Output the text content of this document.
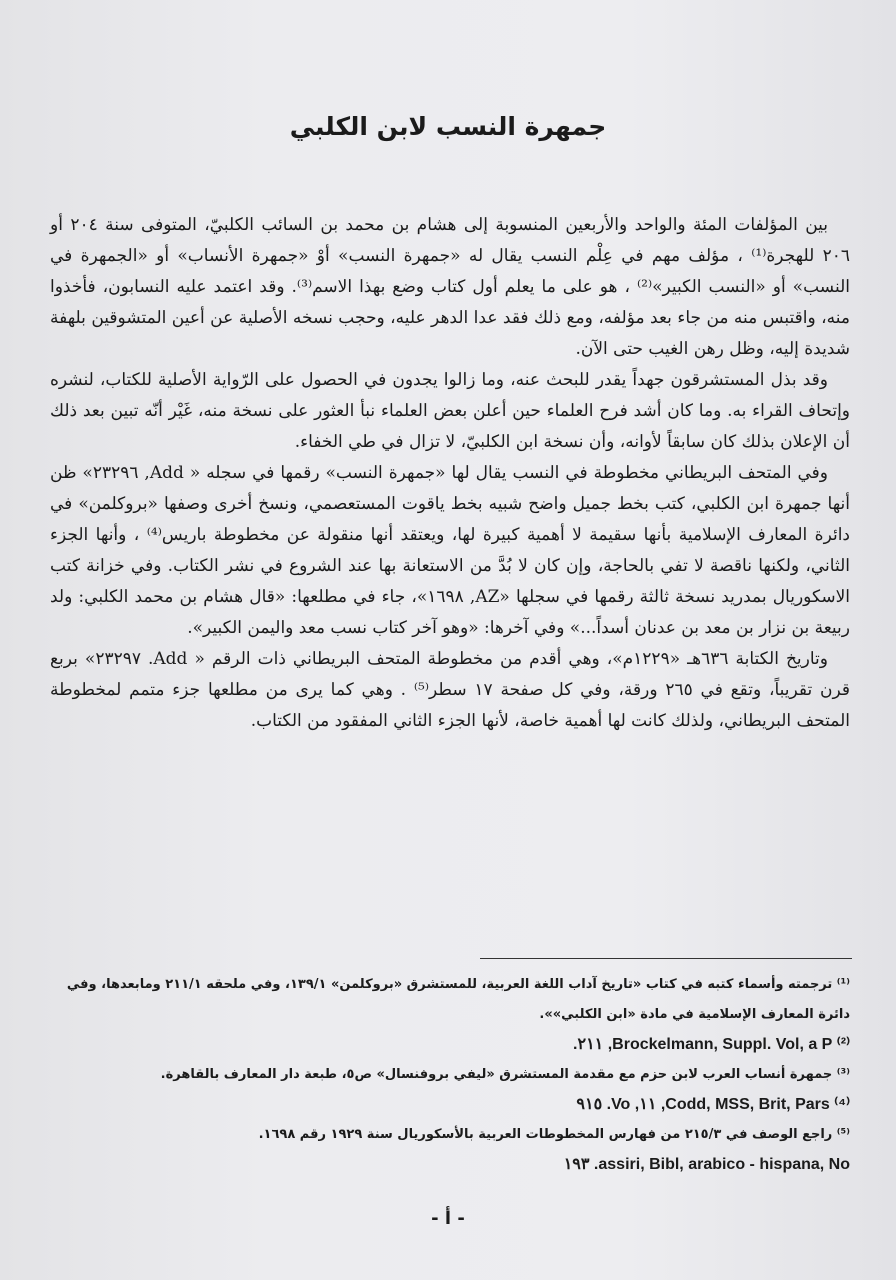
جمهرة النسب لابن الكلبي

بين المؤلفات المئة والواحد والأربعين المنسوبة إلى هشام بن محمد بن السائب الكلبيّ، المتوفى سنة ٢٠٤ أو ٢٠٦ للهجرة⁽¹⁾ ، مؤلف مهم في عِلْم النسب يقال له «جمهرة النسب» أوْ «جمهرة الأنساب» أو «الجمهرة في النسب» أو «النسب الكبير»⁽²⁾ ، هو على ما يعلم أول كتاب وضع بهذا الاسم⁽³⁾. وقد اعتمد عليه النسابون، فأخذوا منه، واقتبس منه من جاء بعد مؤلفه، ومع ذلك فقد عدا الدهر عليه، وحجب نسخه الأصلية عن أعين المتشوقين بلهفة شديدة إليه، وظل رهن الغيب حتى الآن.

وقد بذل المستشرقون جهداً يقدر للبحث عنه، وما زالوا يجدون في الحصول على الرّواية الأصلية للكتاب، لنشره وإتحاف القراء به. وما كان أشد فرح العلماء حين أعلن بعض العلماء نبأ العثور على نسخة منه، غَيْر أنّه تبين بعد ذلك أن الإعلان بذلك كان سابقاً لأوانه، وأن نسخة ابن الكلبيّ، لا تزال في طي الخفاء.

وفي المتحف البريطاني مخطوطة في النسب يقال لها «جمهرة النسب» رقمها في سجله « Add, ٢٣٢٩٦» ظن أنها جمهرة ابن الكلبي، كتب بخط جميل واضح شبيه بخط ياقوت المستعصمي، ونسخ أخرى وصفها «بروكلمن» في دائرة المعارف الإسلامية بأنها سقيمة لا أهمية كبيرة لها، ويعتقد أنها منقولة عن مخطوطة باريس⁽⁴⁾ ، وأنها الجزء الثاني، ولكنها ناقصة لا تفي بالحاجة، وإن كان لا بُدَّ من الاستعانة بها عند الشروع في نشر الكتاب. وفي خزانة كتب الاسكوريال بمدريد نسخة ثالثة رقمها في سجلها «AZ, ١٦٩٨»، جاء في مطلعها: «قال هشام بن محمد الكلبي: ولد ربيعة بن نزار بن معد بن عدنان أسداً...» وفي آخرها: «وهو آخر كتاب نسب معد واليمن الكبير».

وتاريخ الكتابة ٦٣٦هـ «١٢٢٩م»، وهي أقدم من مخطوطة المتحف البريطاني ذات الرقم « Add. ٢٣٢٩٧» بربع قرن تقريباً، وتقع في ٢٦٥ ورقة، وفي كل صفحة ١٧ سطر⁽⁵⁾ . وهي كما يرى من مطلعها جزء متمم لمخطوطة المتحف البريطاني، ولذلك كانت لها أهمية خاصة، لأنها الجزء الثاني المفقود من الكتاب.

⁽¹⁾ ترجمته وأسماء كتبه في كتاب «تاريخ آداب اللغة العربية، للمستشرق «بروكلمن» ١٣٩/١، وفي ملحقه ٢١١/١ ومابعدها، وفي دائرة المعارف الإسلامية في مادة «ابن الكلبي»».
⁽²⁾ Brockelmann, Suppl. Vol, a P, ٢١١.
⁽³⁾ جمهرة أنساب العرب لابن حزم مع مقدمة المستشرق «ليفي بروفنسال» ص٥، طبعة دار المعارف بالقاهرة.
⁽⁴⁾ Codd, MSS, Brit, Pars, ١١, Vo. ٩١٥
⁽⁵⁾ راجع الوصف في ٢١٥/٣ من فهارس المخطوطات العربية بالأسكوريال سنة ١٩٢٩ رقم ١٦٩٨.
assiri, Bibl, arabico - hispana, No. ١٩٣
- أ -
